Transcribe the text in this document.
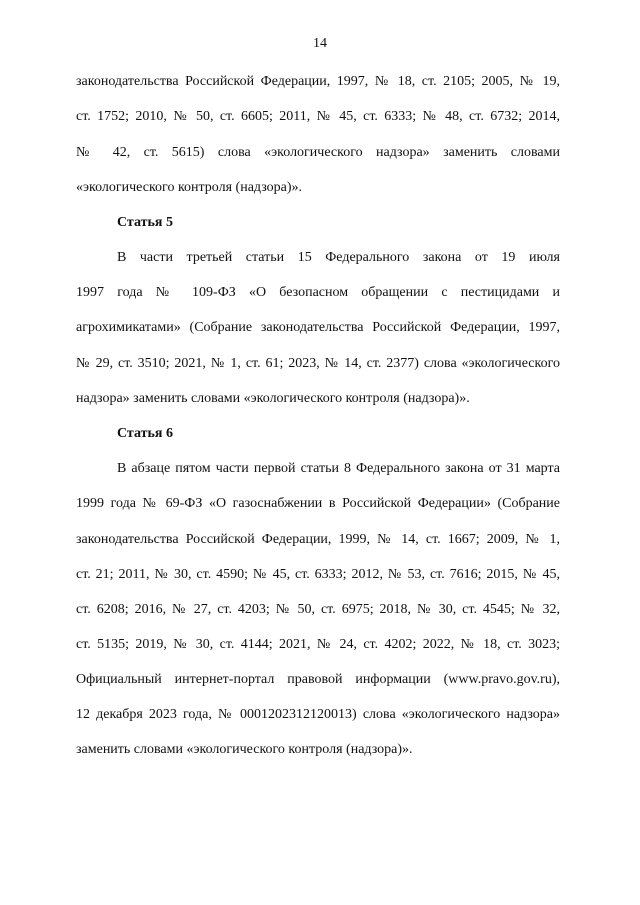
14
законодательства Российской Федерации, 1997, № 18, ст. 2105; 2005, № 19,
ст. 1752; 2010, № 50, ст. 6605; 2011, № 45, ст. 6333; № 48, ст. 6732; 2014,
№ 42, ст. 5615) слова «экологического надзора» заменить словами
«экологического контроля (надзора)».
Статья 5
В части третьей статьи 15 Федерального закона от 19 июля
1997 года № 109-ФЗ «О безопасном обращении с пестицидами и
агрохимикатами» (Собрание законодательства Российской Федерации, 1997,
№ 29, ст. 3510; 2021, № 1, ст. 61; 2023, № 14, ст. 2377) слова «экологического
надзора» заменить словами «экологического контроля (надзора)».
Статья 6
В абзаце пятом части первой статьи 8 Федерального закона от 31 марта
1999 года № 69-ФЗ «О газоснабжении в Российской Федерации» (Собрание
законодательства Российской Федерации, 1999, № 14, ст. 1667; 2009, № 1,
ст. 21; 2011, № 30, ст. 4590; № 45, ст. 6333; 2012, № 53, ст. 7616; 2015, № 45,
ст. 6208; 2016, № 27, ст. 4203; № 50, ст. 6975; 2018, № 30, ст. 4545; № 32,
ст. 5135; 2019, № 30, ст. 4144; 2021, № 24, ст. 4202; 2022, № 18, ст. 3023;
Официальный интернет-портал правовой информации (www.pravo.gov.ru),
12 декабря 2023 года, № 0001202312120013) слова «экологического надзора»
заменить словами «экологического контроля (надзора)».
